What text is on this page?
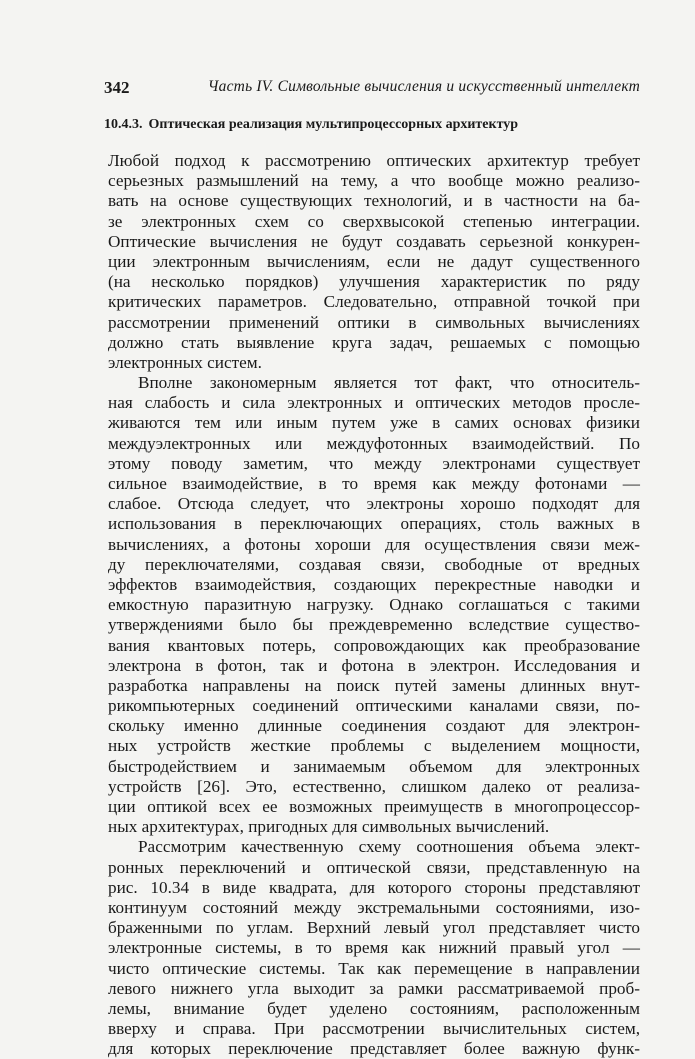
342	Часть IV. Символьные вычисления и искусственный интеллект
10.4.3. Оптическая реализация мультипроцессорных архитектур
Любой подход к рассмотрению оптических архитектур требует
серьезных размышлений на тему, а что вообще можно реализо-
вать на основе существующих технологий, и в частности на ба-
зе электронных схем со сверхвысокой степенью интеграции.
Оптические вычисления не будут создавать серьезной конкурен-
ции электронным вычислениям, если не дадут существенного
(на несколько порядков) улучшения характеристик по ряду
критических параметров. Следовательно, отправной точкой при
рассмотрении применений оптики в символьных вычислениях
должно стать выявление круга задач, решаемых с помощью
электронных систем.
Вполне закономерным является тот факт, что относитель-
ная слабость и сила электронных и оптических методов просле-
живаются тем или иным путем уже в самих основах физики
междуэлектронных или междуфотонных взаимодействий. По
этому поводу заметим, что между электронами существует
сильное взаимодействие, в то время как между фотонами —
слабое. Отсюда следует, что электроны хорошо подходят для
использования в переключающих операциях, столь важных в
вычислениях, а фотоны хороши для осуществления связи меж-
ду переключателями, создавая связи, свободные от вредных
эффектов взаимодействия, создающих перекрестные наводки и
емкостную паразитную нагрузку. Однако соглашаться с такими
утверждениями было бы преждевременно вследствие существо-
вания квантовых потерь, сопровождающих как преобразование
электрона в фотон, так и фотона в электрон. Исследования и
разработка направлены на поиск путей замены длинных внут-
рикомпьютерных соединений оптическими каналами связи, по-
скольку именно длинные соединения создают для электрон-
ных устройств жесткие проблемы с выделением мощности,
быстродействием и занимаемым объемом для электронных
устройств [26]. Это, естественно, слишком далеко от реализа-
ции оптикой всех ее возможных преимуществ в многопроцессор-
ных архитектурах, пригодных для символьных вычислений.
Рассмотрим качественную схему соотношения объема элект-
ронных переключений и оптической связи, представленную на
рис. 10.34 в виде квадрата, для которого стороны представляют
континуум состояний между экстремальными состояниями, изо-
браженными по углам. Верхний левый угол представляет чисто
электронные системы, в то время как нижний правый угол —
чисто оптические системы. Так как перемещение в направлении
левого нижнего угла выходит за рамки рассматриваемой проб-
лемы, внимание будет уделено состояниям, расположенным
вверху и справа. При рассмотрении вычислительных систем,
для которых переключение представляет более важную функ-
